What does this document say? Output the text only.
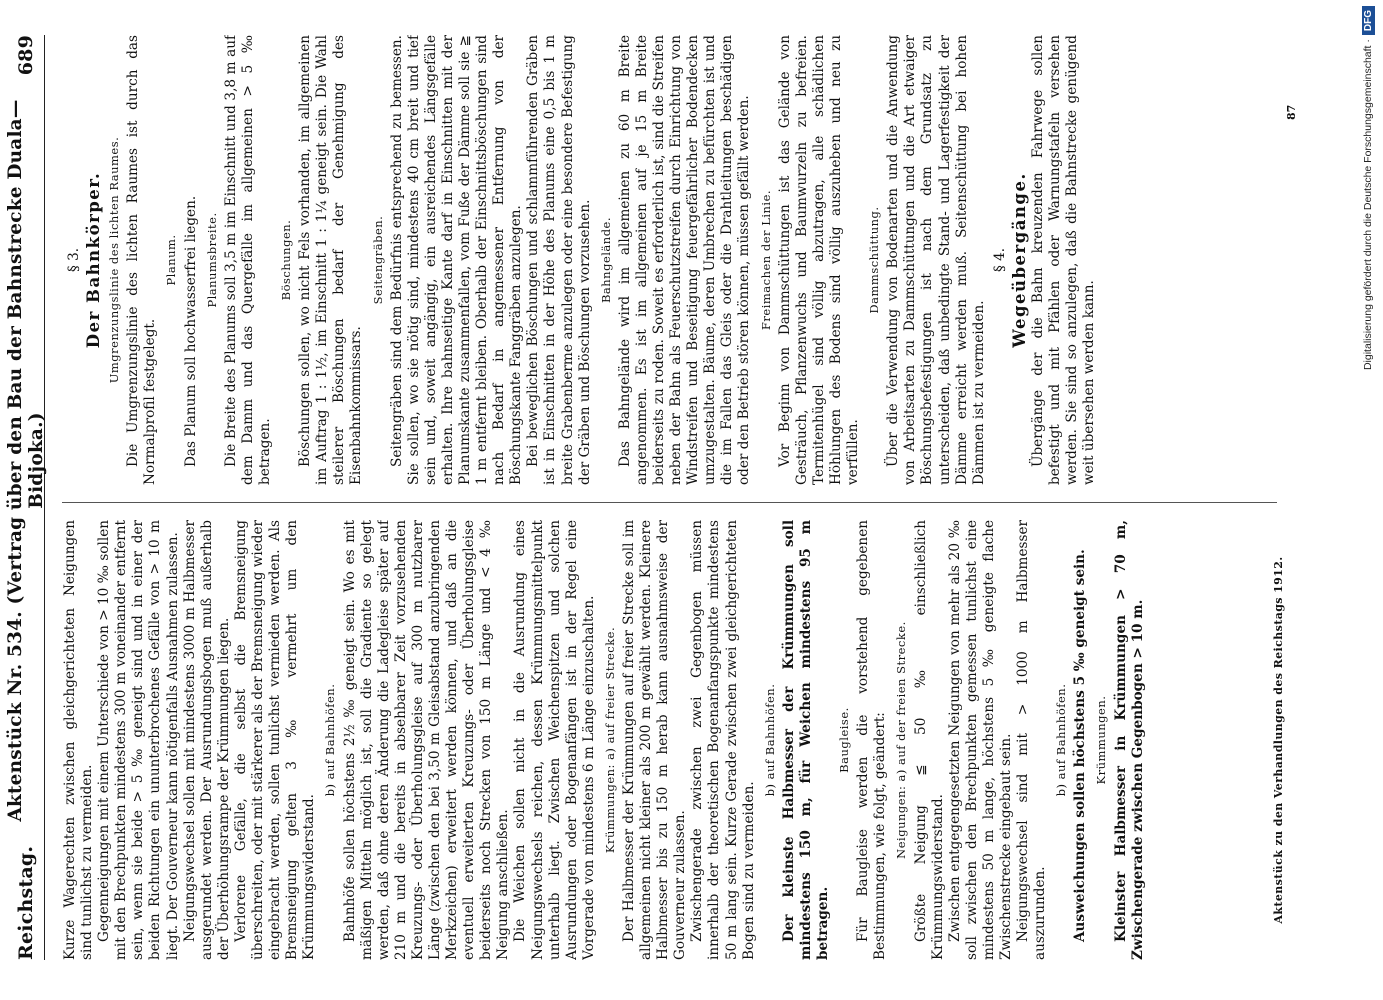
Reichstag.
Aktenstück Nr. 534. (Vertrag über den Bau der Bahnstrecke Duala—Bidjoka.)
689

Kurze Wagerechten zwischen gleichgerichteten Neigungen sind tunlichst zu vermeiden. Gegenneigungen mit einem Unterschiede von > 10 ‰ sollen mit den Brechpunkten mindestens 300 m voneinander entfernt sein, wenn sie beide > 5 ‰ geneigt sind und in einer der beiden Richtungen ein ununterbrochenes Gefälle von > 10 m liegt. Der Gouverneur kann nötigenfalls Ausnahmen zulassen. Neigungswechsel sollen mit mindestens 3000 m Halbmesser ausgerundet werden. Der Ausrundungsbogen muß außerhalb der Überhöhungsrampe der Krümmungen liegen. Verlorene Gefälle, die selbst die Bremsneigung überschreiten, oder mit stärkerer als der Bremsneigung wieder eingebracht werden, sollen tunlichst vermieden werden. Als Bremsneigung gelten 3 ‰ vermehrt um den Krümmungswiderstand.

b) auf Bahnhöfen. Bahnhöfe sollen höchstens 2½ ‰ geneigt sein. Wo es mit mäßigen Mitteln möglich ist, soll die Gradiente so gelegt werden, daß ohne deren Änderung die Ladegleise später auf 210 m und die bereits in absehbarer Zeit vorzusehenden Kreuzungs- oder Überholungsgleise auf 300 m nutzbarer Länge (zwischen den bei 3,50 m Gleisabstand anzubringenden Merkzeichen) erweitert werden können, und daß an die eventuell erweiterten Kreuzungs- oder Überholungsgleise beiderseits noch Strecken von 150 m Länge und < 4 ‰ Neigung anschließen. Die Weichen sollen nicht in die Ausrundung eines Neigungswechsels reichen, dessen Krümmungsmittelpunkt unterhalb liegt. Zwischen Weichenspitzen und solchen Ausrundungen oder Bogenanfängen ist in der Regel eine Vorgerade von mindestens 6 m Länge einzuschalten. Krümmungen: a) auf freier Strecke. Der Halbmesser der Krümmungen auf freier Strecke soll im allgemeinen nicht kleiner als 200 m gewählt werden. Kleinere Halbmesser bis zu 150 m herab kann ausnahmsweise der Gouverneur zulassen. Zwischengerade zwischen zwei Gegenbogen müssen innerhalb der theoretischen Bogenanfangspunkte mindestens 50 m lang sein. Kurze Gerade zwischen zwei gleichgerichteten Bogen sind zu vermeiden.

b) auf Bahnhöfen. Der kleinste Halbmesser der Krümmungen soll mindestens 150 m, für Weichen mindestens 95 m betragen.

Baugleise. Für Baugleise werden die vorstehend gegebenen Bestimmungen, wie folgt, geändert: Neigungen: a) auf der freien Strecke. Größte Neigung ≦ 50 ‰ einschließlich Krümmungswiderstand. Zwischen entgegengesetzten Neigungen von mehr als 20 ‰ soll zwischen den Brechpunkten gemessen tunlichst eine mindestens 50 m lange, höchstens 5 ‰ geneigte flache Zwischenstrecke eingebaut sein. Neigungswechsel sind mit > 1000 m Halbmesser auszurunden.

b) auf Bahnhöfen. Ausweichungen sollen höchstens 5 ‰ geneigt sein. Krümmungen. Kleinster Halbmesser in Krümmungen > 70 m, Zwischengerade zwischen Gegenbogen > 10 m.

§ 3. Der Bahnkörper. Umgrenzungslinie des lichten Raumes. Die Umgrenzungslinie des lichten Raumes ist durch das Normalprofil festgelegt.

Planum. Das Planum soll hochwasserfrei liegen. Planumsbreite. Die Breite des Planums soll 3,5 m im Einschnitt und 3,8 m auf dem Damm und das Quergefälle im allgemeinen > 5 ‰ betragen.

Böschungen. Böschungen sollen, wo nicht Fels vorhanden, im allgemeinen im Auftrag 1 : 1½, im Einschnitt 1 : 1¼ geneigt sein. Die Wahl steilerer Böschungen bedarf der Genehmigung des Eisenbahnkommissars.

Seitengräben. Seitengräben sind dem Bedürfnis entsprechend zu bemessen. Sie sollen, wo sie nötig sind, mindestens 40 cm breit und tief sein und, soweit angängig, ein ausreichendes Längsgefälle erhalten. Ihre bahnseitige Kante darf in Einschnitten mit der Planumskante zusammenfallen, vom Fuße der Dämme soll sie ≧ 1 m entfernt bleiben. Oberhalb der Einschnittsböschungen sind nach Bedarf in angemessener Entfernung von der Böschungskante Fanggräben anzulegen. Bei beweglichen Böschungen und schlammführenden Gräben ist in Einschnitten in der Höhe des Planums eine 0,5 bis 1 m breite Grabenberme anzulegen oder eine besondere Befestigung der Gräben und Böschungen vorzusehen. Bahngelände. Das Bahngelände wird im allgemeinen zu 60 m Breite angenommen. Es ist im allgemeinen auf je 15 m Breite beiderseits zu roden. Soweit es erforderlich ist, sind die Streifen neben der Bahn als Feuerschutzstreifen durch Einrichtung von Windstreifen und Beseitigung feuergefährlicher Bodendecken umzugestalten. Bäume, deren Umbrechen zu befürchten ist und die im Fallen das Gleis oder die Drahtleitungen beschädigen oder den Betrieb stören können, müssen gefällt werden. Freimachen der Linie. Vor Beginn von Dammschüttungen ist das Gelände von Gesträuch, Pflanzenwuchs und Baumwurzeln zu befreien. Termitenhügel sind völlig abzutragen, alle schädlichen Höhlungen des Bodens sind völlig auszuheben und neu zu verfüllen.

Dammschüttung. Über die Verwendung von Bodenarten und die Anwendung von Arbeitsarten zu Dammschüttungen und die Art etwaiger Böschungsbefestigungen ist nach dem Grundsatz zu unterscheiden, daß unbedingte Stand- und Lagerfestigkeit der Dämme erreicht werden muß. Seitenschüttung bei hohen Dämmen ist zu vermeiden.

§ 4. Wegeübergänge. Übergänge der die Bahn kreuzenden Fahrwege sollen befestigt und mit Pfählen oder Warnungstafeln versehen werden. Sie sind so anzulegen, daß die Bahnstrecke genügend weit übersehen werden kann.

Aktenstück zu den Verhandlungen des Reichstags 1912.
87	Digitalisierung gefördert durch die Deutsche Forschungsgemeinschaft ·
DFG
